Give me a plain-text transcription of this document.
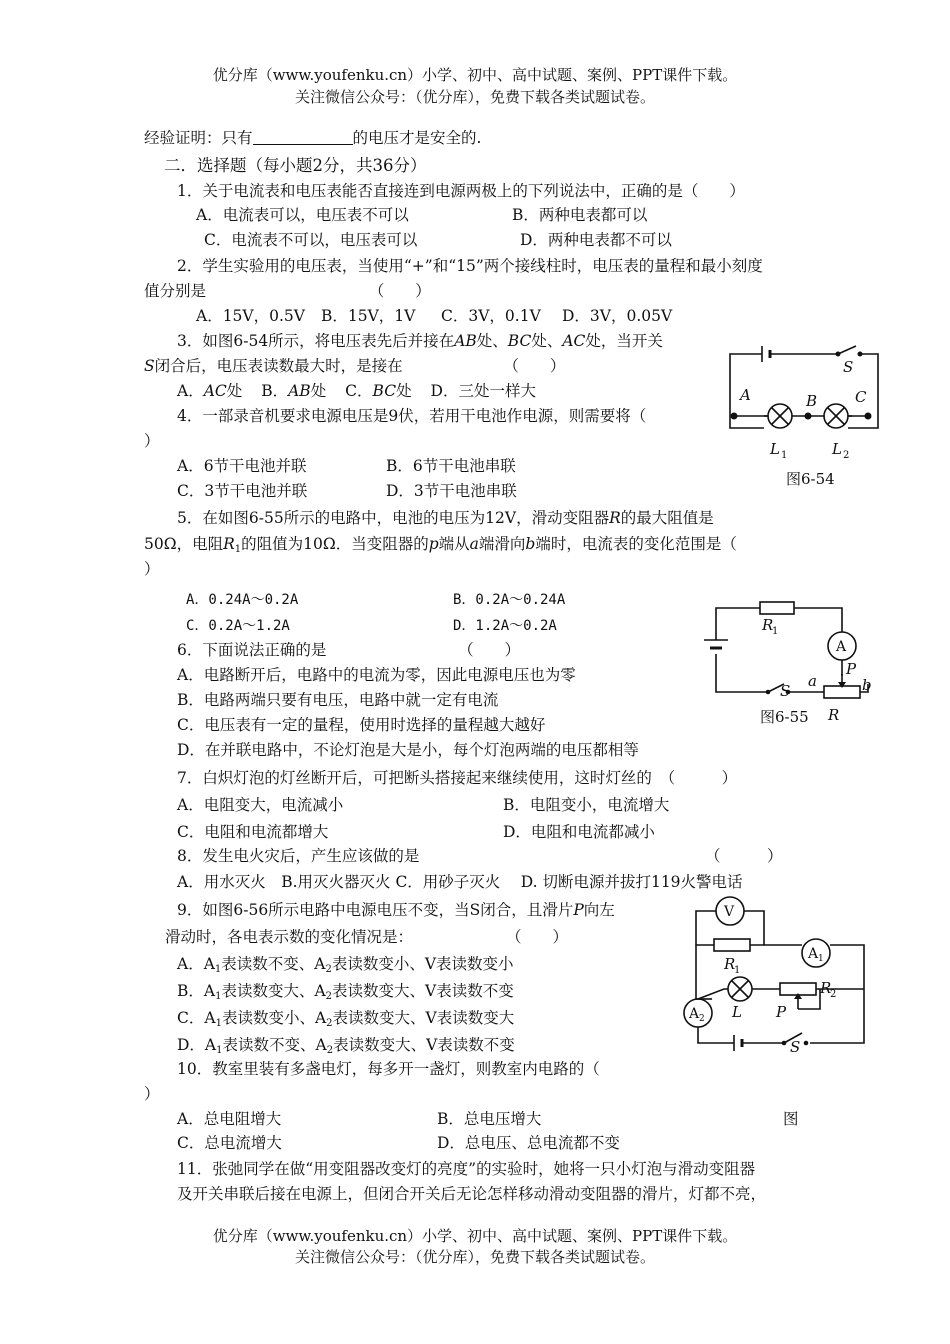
优分库（www.youfenku.cn）小学、初中、高中试题、案例、PPT课件下载。
关注微信公众号：（优分库），免费下载各类试题试卷。
经验证明：只有	的电压才是安全的.
二．选择题（每小题2分，共36分）
1．关于电流表和电压表能否直接连到电源两极上的下列说法中，正确的是（　　）
A．电流表可以，电压表不可以	B．两种电表都可以
C．电流表不可以，电压表可以	D．两种电表都不可以
2．学生实验用的电压表，当使用“+”和“15”两个接线柱时，电压表的量程和最小刻度
值分别是　　　　　　　　　　　（　　）
A．15V，0.5V B．15V，1V C．3V，0.1V D．3V，0.05V
3．如图6-54所示，将电压表先后并接在AB处、BC处、AC处，当开关
S闭合后，电压表读数最大时，是接在　　　　　　　（　　）
A．AC处 B．AB处 C．BC处 D．三处一样大
4．一部录音机要求电源电压是9伏，若用干电池作电源，则需要将（
）
A．6节干电池并联	B．6节干电池串联
C．3节干电池并联	D．3节干电池串联
S
A	B	C
L 1	L 2
图6-54
5．在如图6-55所示的电路中，电池的电压为12V，滑动变阻器R的最大阻值是
50Ω，电阻$R_1$的阻值为10Ω．当变阻器的p端从a端滑向b端时，电流表的变化范围是（
）
A．0.24A～0.2A	B．0.2A～0.24A
C．0.2A～1.2A	D．1.2A～0.2A	R
1
A
P
S
a	b
图6-55 R
6．下面说法正确的是　　　　　　　　　（　　）
A．电路断开后，电路中的电流为零，因此电源电压也为零
B．电路两端只要有电压，电路中就一定有电流
C．电压表有一定的量程，使用时选择的量程越大越好
D．在并联电路中，不论灯泡是大是小，每个灯泡两端的电压都相等
7．白炽灯泡的灯丝断开后，可把断头搭接起来继续使用，这时灯丝的　（　　　）
A．电阻变大，电流减小	B．电阻变小，电流增大
C．电阻和电流都增大	D．电阻和电流都减小
8．发生电火灾后，产生应该做的是	（　　　）
A．用水灭火　B.用灭火器灭火 C．用砂子灭火　 D. 切断电源并拔打119火警电话
9．如图6-56所示电路中电源电压不变，当S闭合，且滑片P向左
滑动时，各电表示数的变化情况是：　　　　　　　（　　）
A．$A_1$表读数不变、$A_2$表读数变小、V表读数变小
B．$A_1$表读数变大、$A_2$表读数变大、V表读数不变
C．$A_1$表读数变小、$A_2$表读数变大、V表读数变大
D．$A_1$表读数不变、$A_2$表读数变大、V表读数不变
V
R
1
A 1
L
R
2
P
A 2
S
10．教室里装有多盏电灯，每多开一盏灯，则教室内电路的（
）
A．总电阻增大	B．总电压增大	图
C．总电流增大	D．总电压、总电流都不变
11．张弛同学在做“用变阻器改变灯的亮度”的实验时，她将一只小灯泡与滑动变阻器
及开关串联后接在电源上，但闭合开关后无论怎样移动滑动变阻器的滑片，灯都不亮，
优分库（www.youfenku.cn）小学、初中、高中试题、案例、PPT课件下载。
关注微信公众号：（优分库），免费下载各类试题试卷。
